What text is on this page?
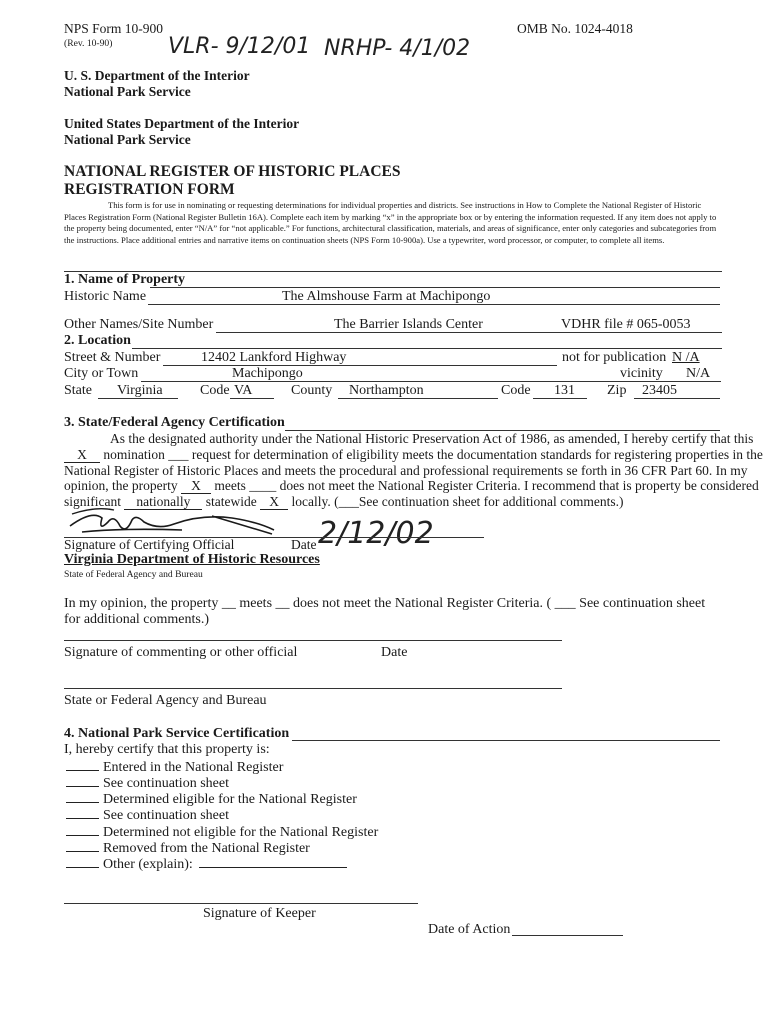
NPS Form 10-900
(Rev. 10-90)
OMB No. 1024-4018
VLR- 9/12/01 NRHP- 4/1/02
U. S. Department of the Interior
National Park Service
United States Department of the Interior
National Park Service
NATIONAL REGISTER OF HISTORIC PLACES
REGISTRATION FORM
This form is for use in nominating or requesting determinations for individual properties and districts. See instructions in How to Complete the National Register of Historic Places Registration Form (National Register Bulletin 16A). Complete each item by marking “x” in the appropriate box or by entering the information requested. If any item does not apply to the property being documented, enter “N/A” for “not applicable.” For functions, architectural classification, materials, and areas of significance, enter only categories and subcategories from the instructions. Place additional entries and narrative items on continuation sheets (NPS Form 10-900a). Use a typewriter, word processor, or computer, to complete all items.
1. Name of Property
Historic Name	The Almshouse Farm at Machipongo
Other Names/Site Number	The Barrier Islands Center	VDHR file # 065-0053
2. Location
Street & Number	12402 Lankford Highway	not for publication N /A
City or Town	Machipongo	vicinity N/A
State Virginia	Code VA	County Northampton	Code 131 Zip 23405
3. State/Federal Agency Certification
As the designated authority under the National Historic Preservation Act of 1986, as amended, I hereby certify that this
X nomination ___ request for determination of eligibility meets the documentation standards for registering properties in the
National Register of Historic Places and meets the procedural and professional requirements se forth in 36 CFR Part 60. In my
opinion, the property X meets ____ does not meet the National Register Criteria. I recommend that is property be considered
significant nationally statewide X locally. (___See continuation sheet for additional comments.)
2/12/02
Signature of Certifying Official	Date
Virginia Department of Historic Resources
State of Federal Agency and Bureau
In my opinion, the property __ meets __ does not meet the National Register Criteria. ( ___ See continuation sheet
for additional comments.)
Signature of commenting or other official	Date
State or Federal Agency and Bureau
4. National Park Service Certification
I, hereby certify that this property is:
Entered in the National Register
See continuation sheet
Determined eligible for the National Register
See continuation sheet
Determined not eligible for the National Register
Removed from the National Register
Other (explain):
Signature of Keeper
Date of Action
